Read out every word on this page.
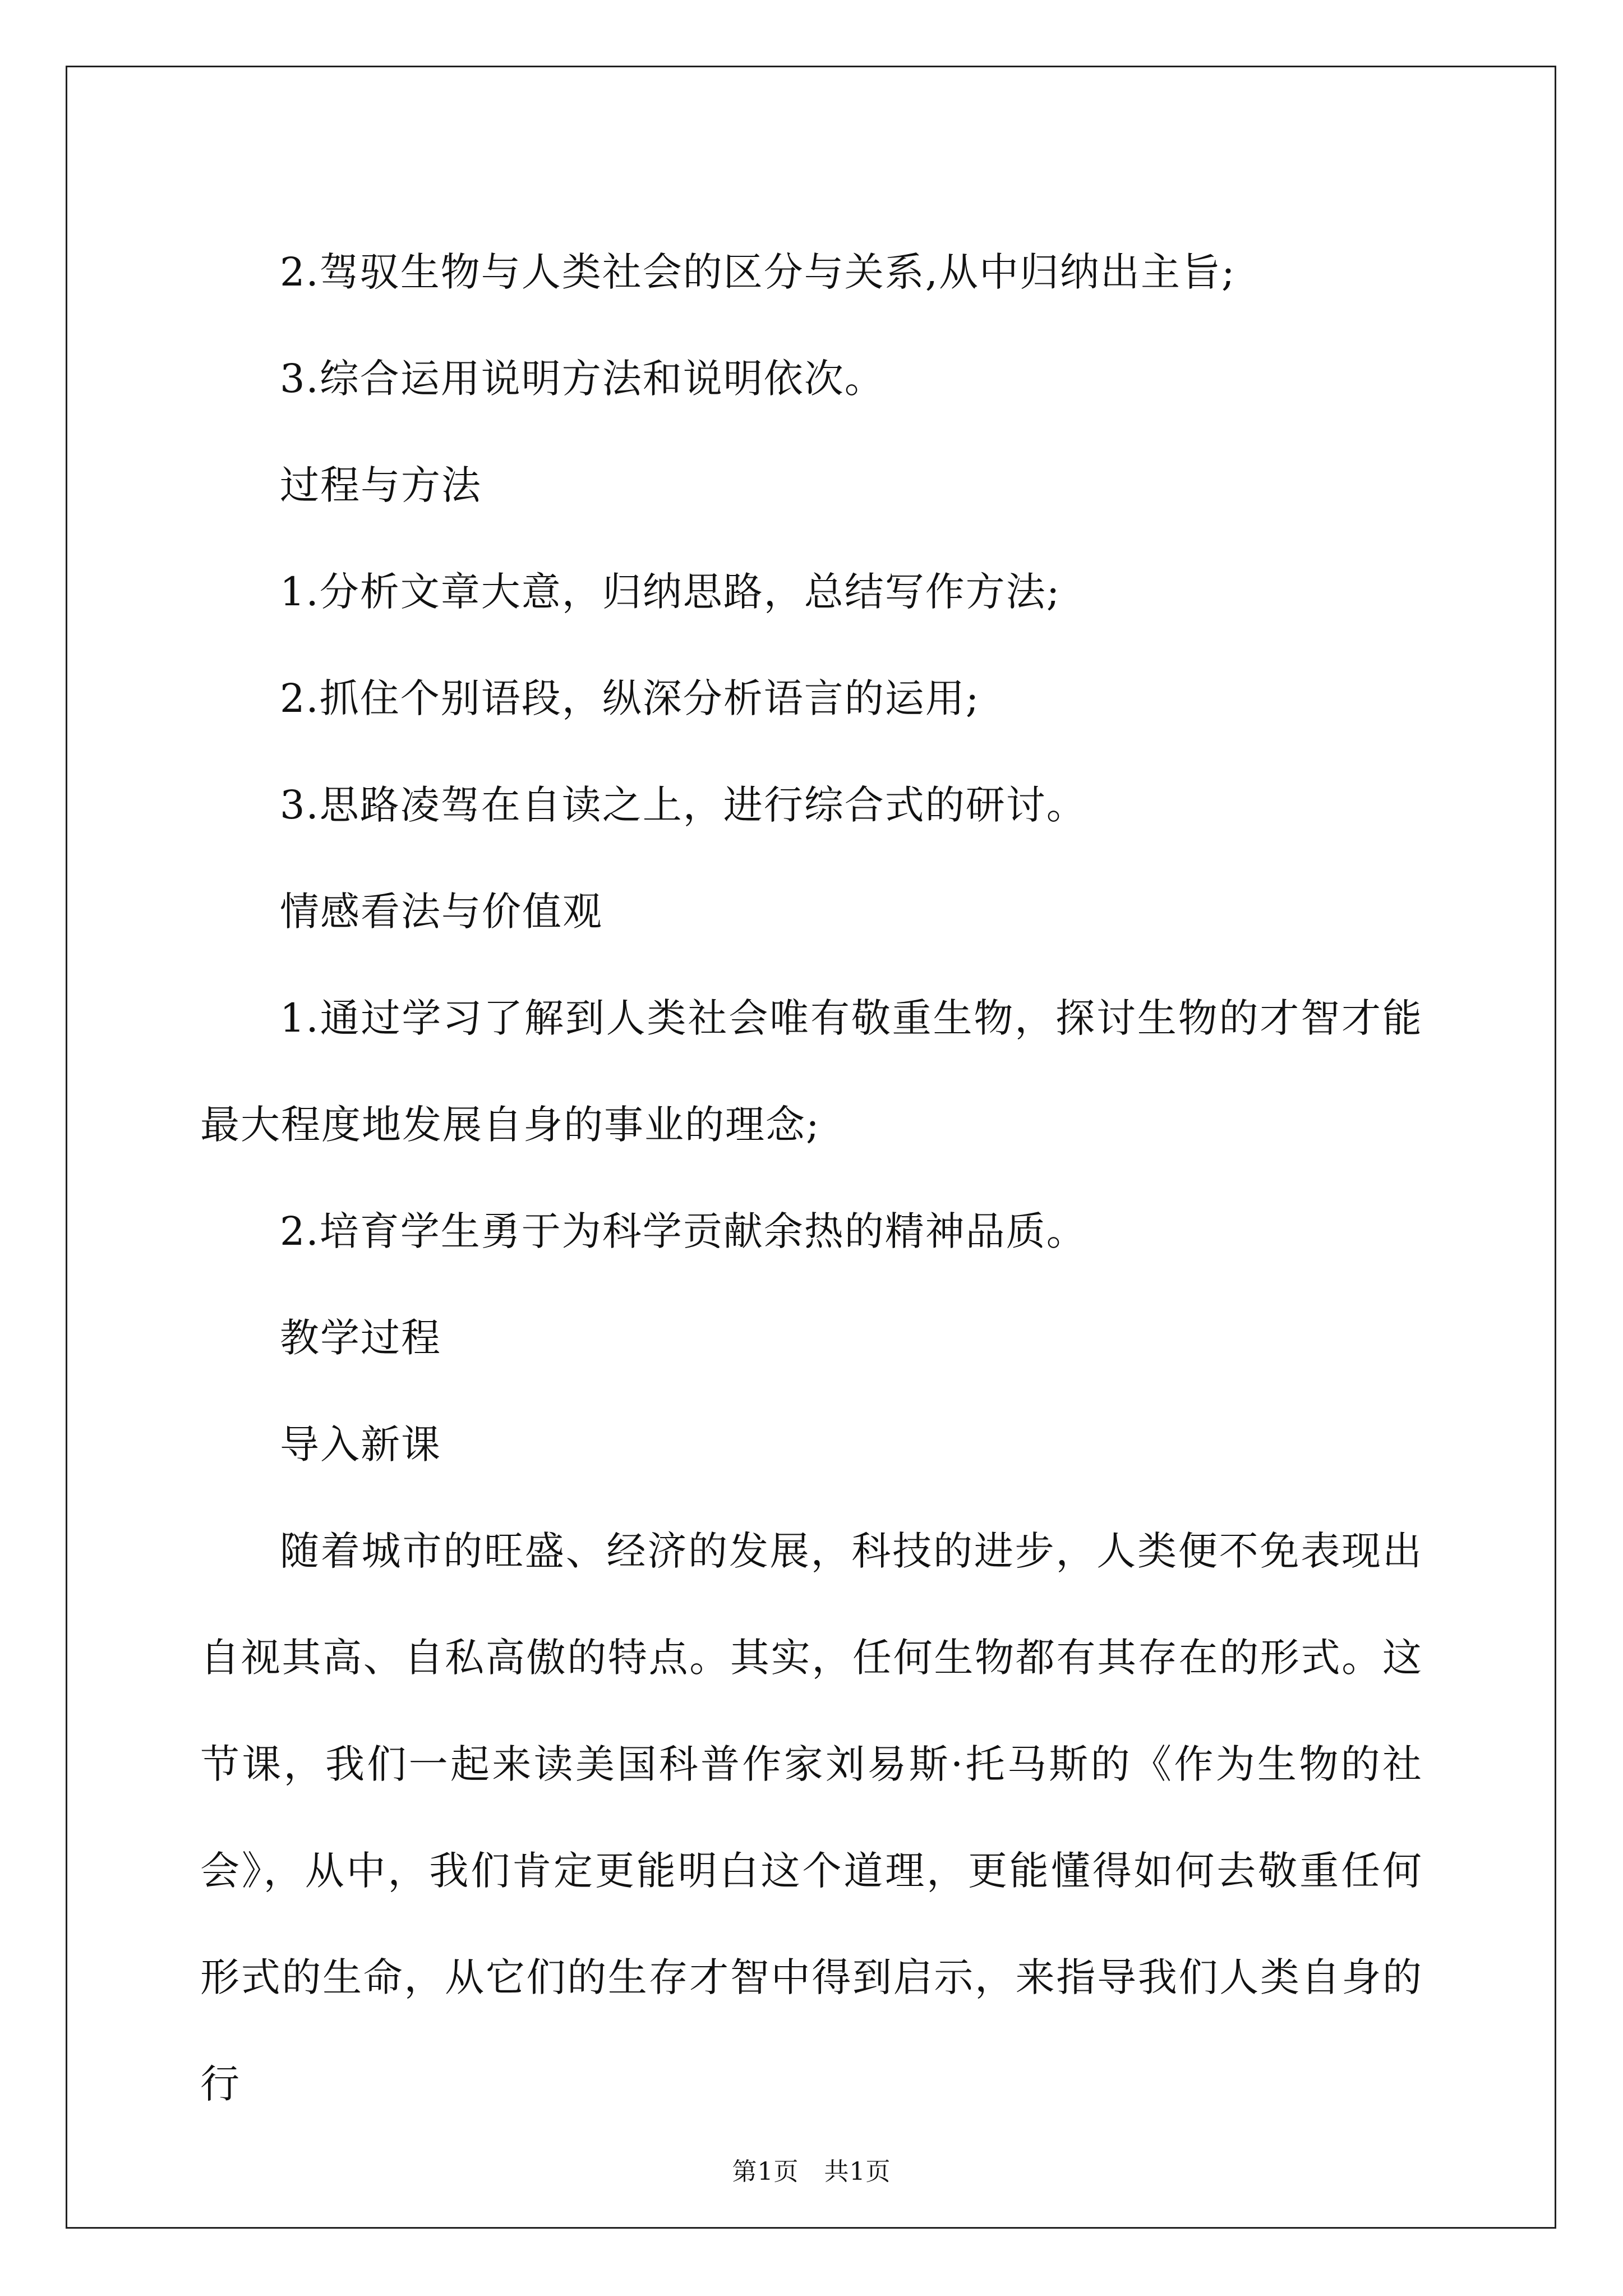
2.驾驭生物与人类社会的区分与关系,从中归纳出主旨;

3.综合运用说明方法和说明依次。

过程与方法

1.分析文章大意，归纳思路，总结写作方法;

2.抓住个别语段，纵深分析语言的运用;

3.思路凌驾在自读之上，进行综合式的研讨。

情感看法与价值观

1.通过学习了解到人类社会唯有敬重生物，探讨生物的才智才能最大程度地发展自身的事业的理念;

2.培育学生勇于为科学贡献余热的精神品质。

教学过程

导入新课

随着城市的旺盛、经济的发展，科技的进步，人类便不免表现出自视其高、自私高傲的特点。其实，任何生物都有其存在的形式。这节课，我们一起来读美国科普作家刘易斯·托马斯的《作为生物的社会》，从中，我们肯定更能明白这个道理，更能懂得如何去敬重任何形式的生命，从它们的生存才智中得到启示，来指导我们人类自身的行

第1页　共1页
